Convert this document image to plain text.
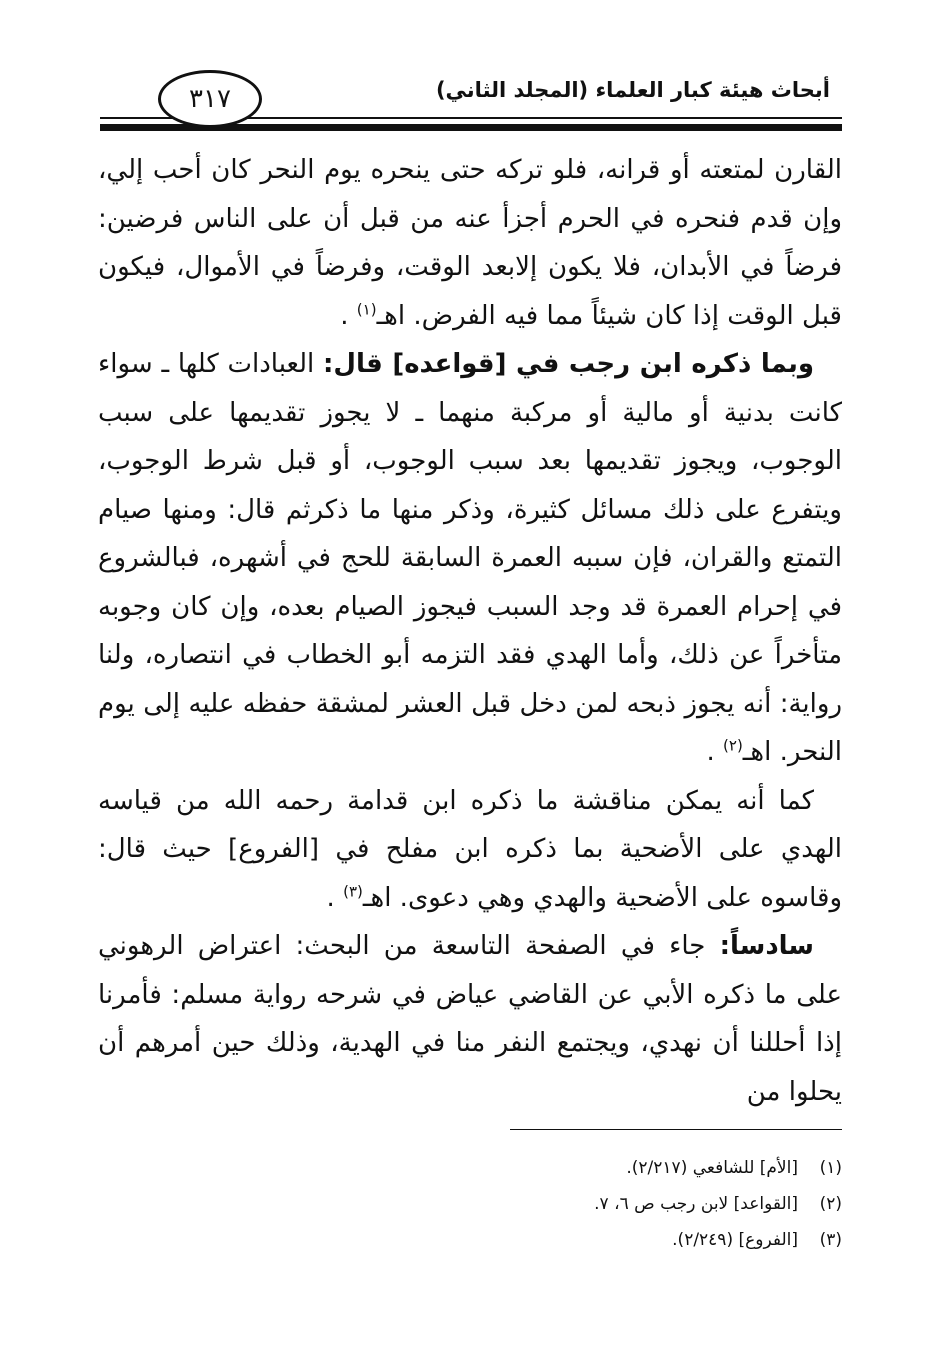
أبحاث هيئة كبار العلماء (المجلد الثاني)
٣١٧

القارن لمتعته أو قرانه، فلو تركه حتى ينحره يوم النحر كان أحب إلي، وإن قدم فنحره في الحرم أجزأ عنه من قبل أن على الناس فرضين: فرضاً في الأبدان، فلا يكون إلابعد الوقت، وفرضاً في الأموال، فيكون قبل الوقت إذا كان شيئاً مما فيه الفرض. اهـ$^{(١)}$ .

وبما ذكره ابن رجب في [قواعده] قال: العبادات كلها ـ سواء كانت بدنية أو مالية أو مركبة منهما ـ لا يجوز تقديمها على سبب الوجوب، ويجوز تقديمها بعد سبب الوجوب، أو قبل شرط الوجوب، ويتفرع على ذلك مسائل كثيرة، وذكر منها ما ذكرثم قال: ومنها صيام التمتع والقران، فإن سببه العمرة السابقة للحج في أشهره، فبالشروع في إحرام العمرة قد وجد السبب فيجوز الصيام بعده، وإن كان وجوبه متأخراً عن ذلك، وأما الهدي فقد التزمه أبو الخطاب في انتصاره، ولنا رواية: أنه يجوز ذبحه لمن دخل قبل العشر لمشقة حفظه عليه إلى يوم النحر. اهـ$^{(٢)}$ .

كما أنه يمكن مناقشة ما ذكره ابن قدامة رحمه الله من قياسه الهدي على الأضحية بما ذكره ابن مفلح في [الفروع] حيث قال: وقاسوه على الأضحية والهدي وهي دعوى. اهـ$^{(٣)}$ .

سادساً: جاء في الصفحة التاسعة من البحث: اعتراض الرهوني على ما ذكره الأبي عن القاضي عياض في شرحه رواية مسلم: فأمرنا إذا أحللنا أن نهدي، ويجتمع النفر منا في الهدية، وذلك حين أمرهم أن يحلوا من

(١)[الأم] للشافعي (٢/٢١٧).
(٢)[القواعد] لابن رجب ص ٦، ٧.
(٣)[الفروع] (٢/٢٤٩).
